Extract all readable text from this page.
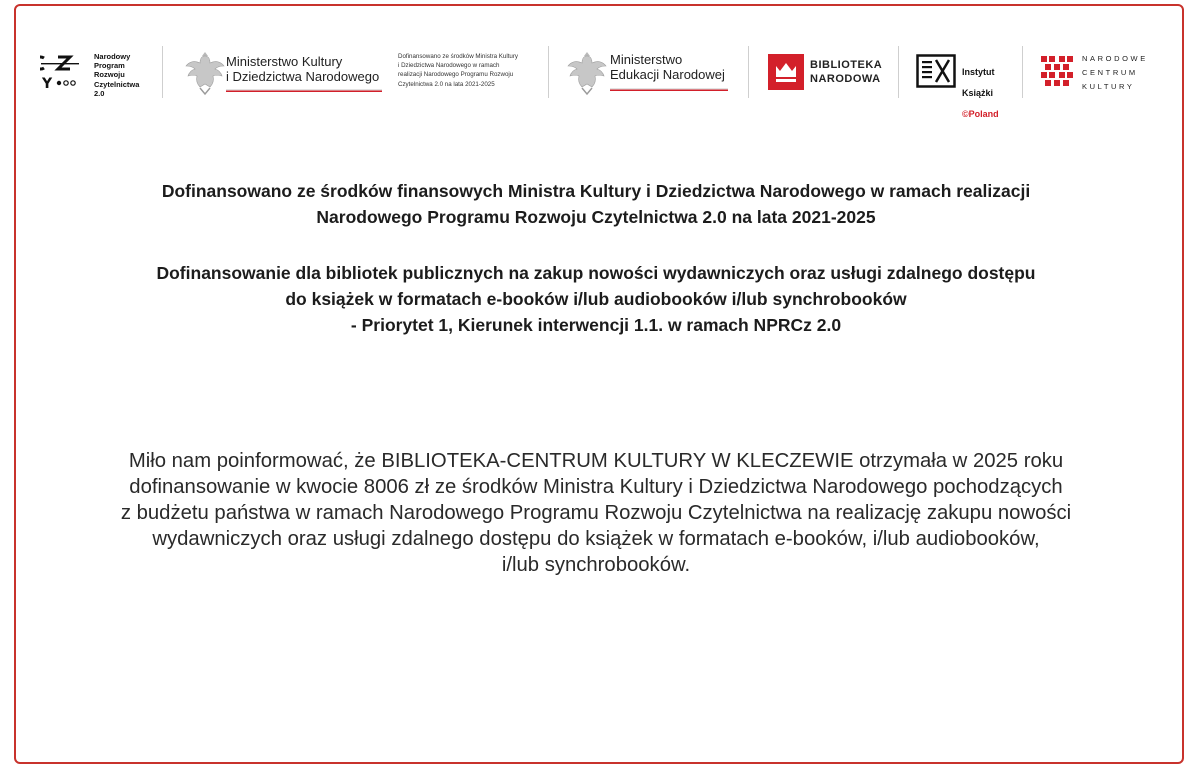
Y
Narodowy
Program
Rozwoju
Czytelnictwa
2.0
Ministerstwo Kultury
i Dziedzictwa Narodowego
Dofinansowano ze środków Ministra Kultury
i Dziedzictwa Narodowego w ramach
realizacji Narodowego Programu Rozwoju
Czytelnictwa 2.0 na lata 2021-2025
Ministerstwo
Edukacji Narodowej
BIBLIOTEKA
NARODOWA

Instytut

Książki

©Poland

NARODOWE
CENTRUM
KULTURY
Dofinansowano ze środków finansowych Ministra Kultury i Dziedzictwa Narodowego w ramach realizacji
Narodowego Programu Rozwoju Czytelnictwa 2.0 na lata 2021-2025
Dofinansowanie dla bibliotek publicznych na zakup nowości wydawniczych oraz usługi zdalnego dostępu
do książek w formatach e-booków i/lub audiobooków i/lub synchrobooków
- Priorytet 1, Kierunek interwencji 1.1. w ramach NPRCz 2.0
Miło nam poinformować, że BIBLIOTEKA-CENTRUM KULTURY W KLECZEWIE otrzymała w 2025 roku
dofinansowanie w kwocie 8006 zł ze środków Ministra Kultury i Dziedzictwa Narodowego pochodzących
z budżetu państwa w ramach Narodowego Programu Rozwoju Czytelnictwa na realizację zakupu nowości
wydawniczych oraz usługi zdalnego dostępu do książek w formatach e-booków, i/lub audiobooków,
i/lub synchrobooków.
